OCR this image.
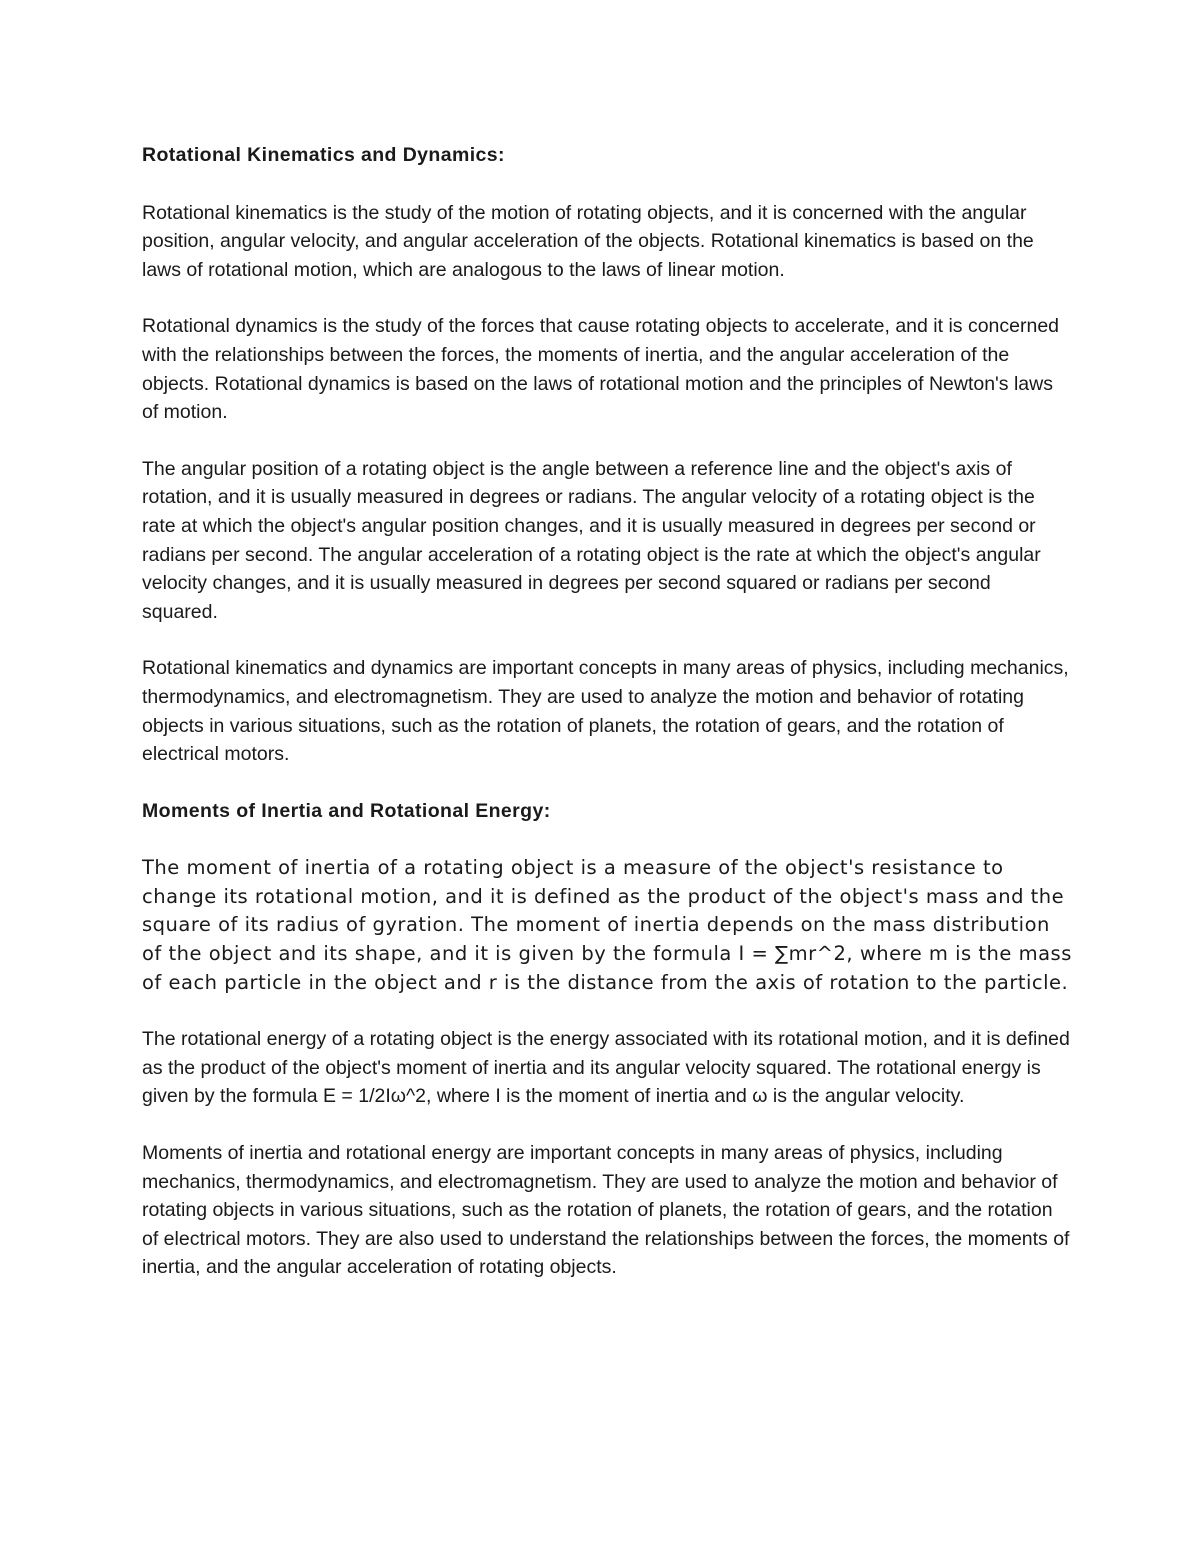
Rotational Kinematics and Dynamics:

Rotational kinematics is the study of the motion of rotating objects, and it is concerned with the angular position, angular velocity, and angular acceleration of the objects. Rotational kinematics is based on the laws of rotational motion, which are analogous to the laws of linear motion.

Rotational dynamics is the study of the forces that cause rotating objects to accelerate, and it is concerned with the relationships between the forces, the moments of inertia, and the angular acceleration of the objects. Rotational dynamics is based on the laws of rotational motion and the principles of Newton's laws of motion.

The angular position of a rotating object is the angle between a reference line and the object's axis of rotation, and it is usually measured in degrees or radians. The angular velocity of a rotating object is the rate at which the object's angular position changes, and it is usually measured in degrees per second or radians per second. The angular acceleration of a rotating object is the rate at which the object's angular velocity changes, and it is usually measured in degrees per second squared or radians per second squared.

Rotational kinematics and dynamics are important concepts in many areas of physics, including mechanics, thermodynamics, and electromagnetism. They are used to analyze the motion and behavior of rotating objects in various situations, such as the rotation of planets, the rotation of gears, and the rotation of electrical motors.

Moments of Inertia and Rotational Energy:

The moment of inertia of a rotating object is a measure of the object's resistance to change its rotational motion, and it is defined as the product of the object's mass and the square of its radius of gyration. The moment of inertia depends on the mass distribution of the object and its shape, and it is given by the formula I = ∑mr^2, where m is the mass of each particle in the object and r is the distance from the axis of rotation to the particle.

The rotational energy of a rotating object is the energy associated with its rotational motion, and it is defined as the product of the object's moment of inertia and its angular velocity squared. The rotational energy is given by the formula E = 1/2Iω^2, where I is the moment of inertia and ω is the angular velocity.

Moments of inertia and rotational energy are important concepts in many areas of physics, including mechanics, thermodynamics, and electromagnetism. They are used to analyze the motion and behavior of rotating objects in various situations, such as the rotation of planets, the rotation of gears, and the rotation of electrical motors. They are also used to understand the relationships between the forces, the moments of inertia, and the angular acceleration of rotating objects.
